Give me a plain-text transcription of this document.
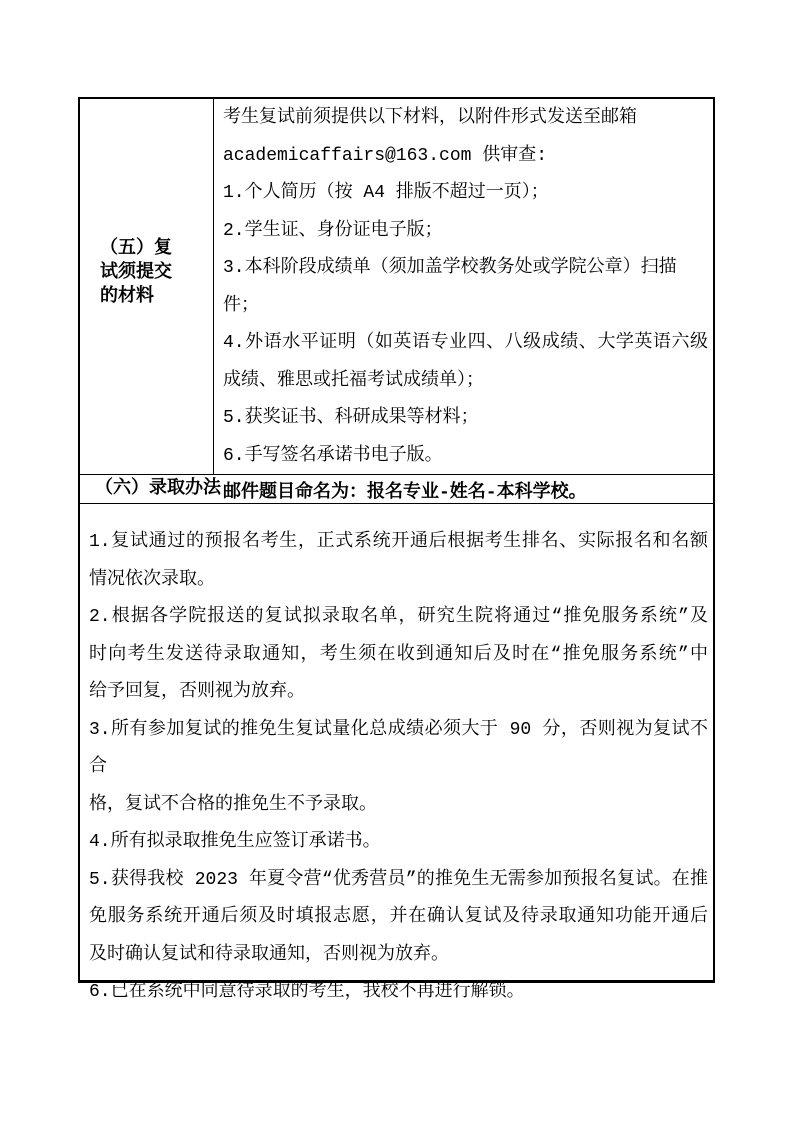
（五）复
试须提交
的材料
考生复试前须提供以下材料，以附件形式发送至邮箱
academicaffairs@163.com 供审查:
1.个人简历（按 A4 排版不超过一页）；
2.学生证、身份证电子版；
3.本科阶段成绩单（须加盖学校教务处或学院公章）扫描件；
4.外语水平证明（如英语专业四、八级成绩、大学英语六级
成绩、雅思或托福考试成绩单）；
5.获奖证书、科研成果等材料；
6.手写签名承诺书电子版。
邮件题目命名为：报名专业-姓名-本科学校。
（六）录取办法
1.复试通过的预报名考生，正式系统开通后根据考生排名、实际报名和名额
情况依次录取。
2.根据各学院报送的复试拟录取名单，研究生院将通过“推免服务系统”及
时向考生发送待录取通知，考生须在收到通知后及时在“推免服务系统”中
给予回复，否则视为放弃。
3.所有参加复试的推免生复试量化总成绩必须大于 90 分，否则视为复试不合
格，复试不合格的推免生不予录取。
4.所有拟录取推免生应签订承诺书。
5.获得我校 2023 年夏令营“优秀营员”的推免生无需参加预报名复试。在推
免服务系统开通后须及时填报志愿，并在确认复试及待录取通知功能开通后
及时确认复试和待录取通知，否则视为放弃。
6.已在系统中同意待录取的考生，我校不再进行解锁。
